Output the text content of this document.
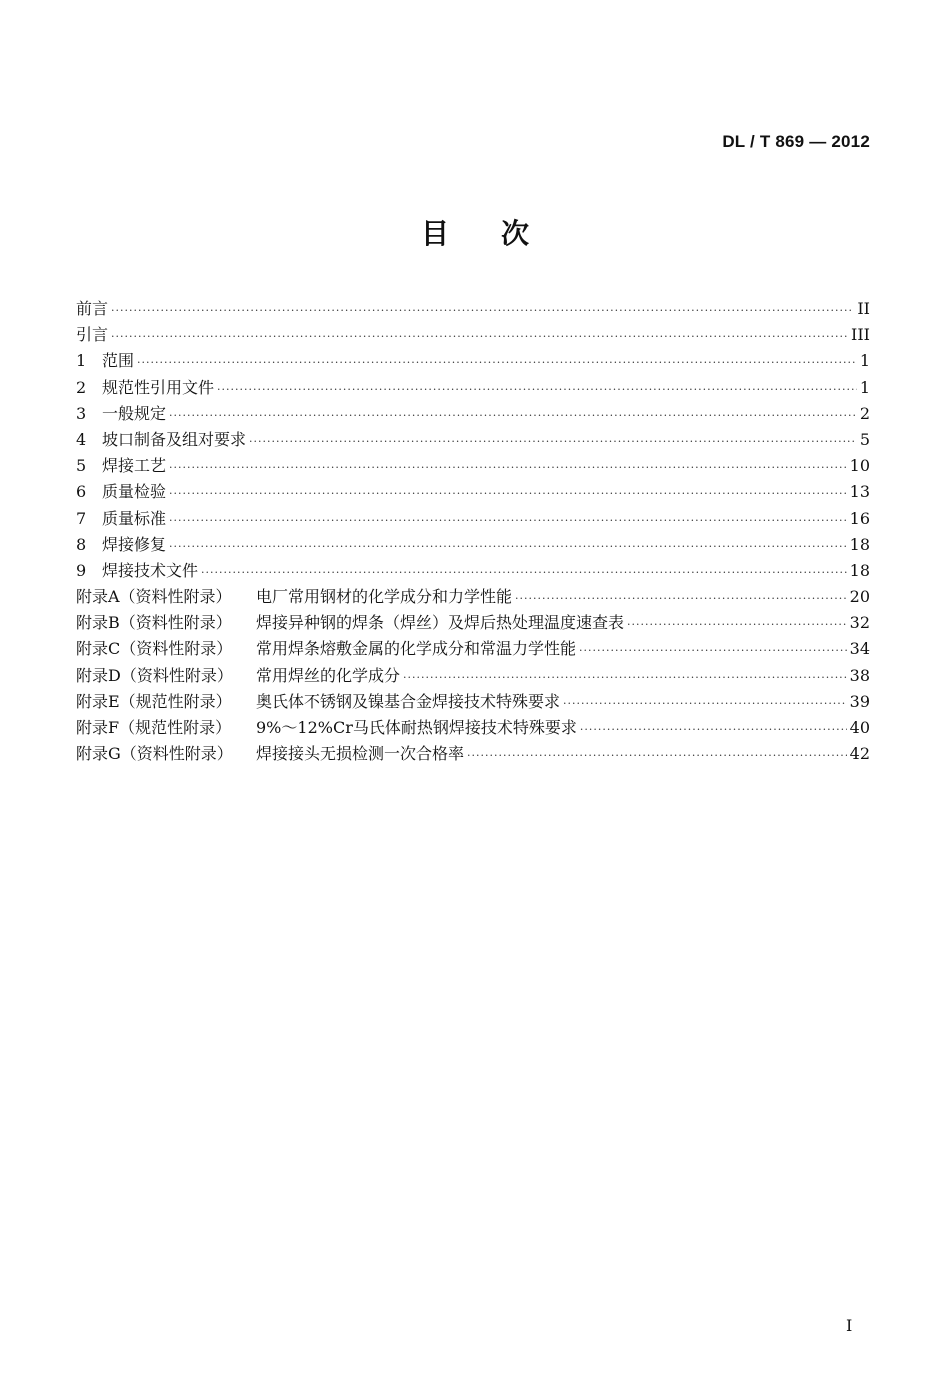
DL / T 869 — 2012
目 次
前言 ·····	II
引言 ·····	III
1 范围 ·····	1
2 规范性引用文件 ·····	1
3 一般规定 ·····	2
4 坡口制备及组对要求 ·····	5
5 焊接工艺 ·····	10
6 质量检验 ·····	13
7 质量标准 ·····	16
8 焊接修复 ·····	18
9 焊接技术文件 ·····	18
附录A（资料性附录）	电厂常用钢材的化学成分和力学性能 ·····	20
附录B（资料性附录）	焊接异种钢的焊条（焊丝）及焊后热处理温度速查表 ·····	32
附录C（资料性附录）	常用焊条熔敷金属的化学成分和常温力学性能 ·····	34
附录D（资料性附录）	常用焊丝的化学成分 ·····	38
附录E（规范性附录）	奥氏体不锈钢及镍基合金焊接技术特殊要求 ·····	39
附录F（规范性附录）	9%～12%Cr马氏体耐热钢焊接技术特殊要求 ·····	40
附录G（资料性附录）	焊接接头无损检测一次合格率 ·····	42
I
